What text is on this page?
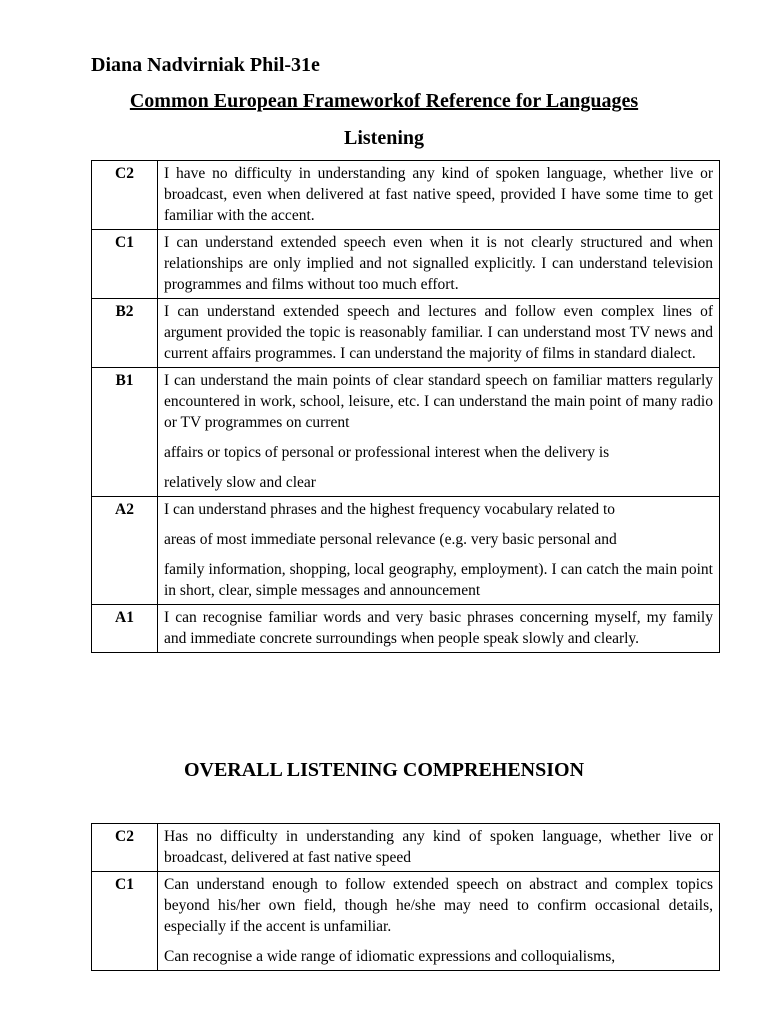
Diana Nadvirniak Phil-31e

Common European Frameworkof Reference for Languages

Listening

C2	I have no difficulty in understanding any kind of spoken language, whether live or broadcast, even when delivered at fast native speed, provided I have some time to get familiar with the accent.

C1	I can understand extended speech even when it is not clearly structured and when relationships are only implied and not signalled explicitly. I can understand television programmes and films without too much effort.

B2	I can understand extended speech and lectures and follow even complex lines of argument provided the topic is reasonably familiar. I can understand most TV news and current affairs programmes. I can understand the majority of films in standard dialect.

B1	I can understand the main points of clear standard speech on familiar matters regularly encountered in work, school, leisure, etc. I can understand the main point of many radio or TV programmes on current

affairs or topics of personal or professional interest when the delivery is

relatively slow and clear

A2	I can understand phrases and the highest frequency vocabulary related to

areas of most immediate personal relevance (e.g. very basic personal and

family information, shopping, local geography, employment). I can catch the main point in short, clear, simple messages and announcement

A1	I can recognise familiar words and very basic phrases concerning myself, my family and immediate concrete surroundings when people speak slowly and clearly.

OVERALL LISTENING COMPREHENSION

C2	Has no difficulty in understanding any kind of spoken language, whether live or broadcast, delivered at fast native speed

C1	Can understand enough to follow extended speech on abstract and complex topics beyond his/her own field, though he/she may need to confirm occasional details, especially if the accent is unfamiliar.

Can recognise a wide range of idiomatic expressions and colloquialisms,
